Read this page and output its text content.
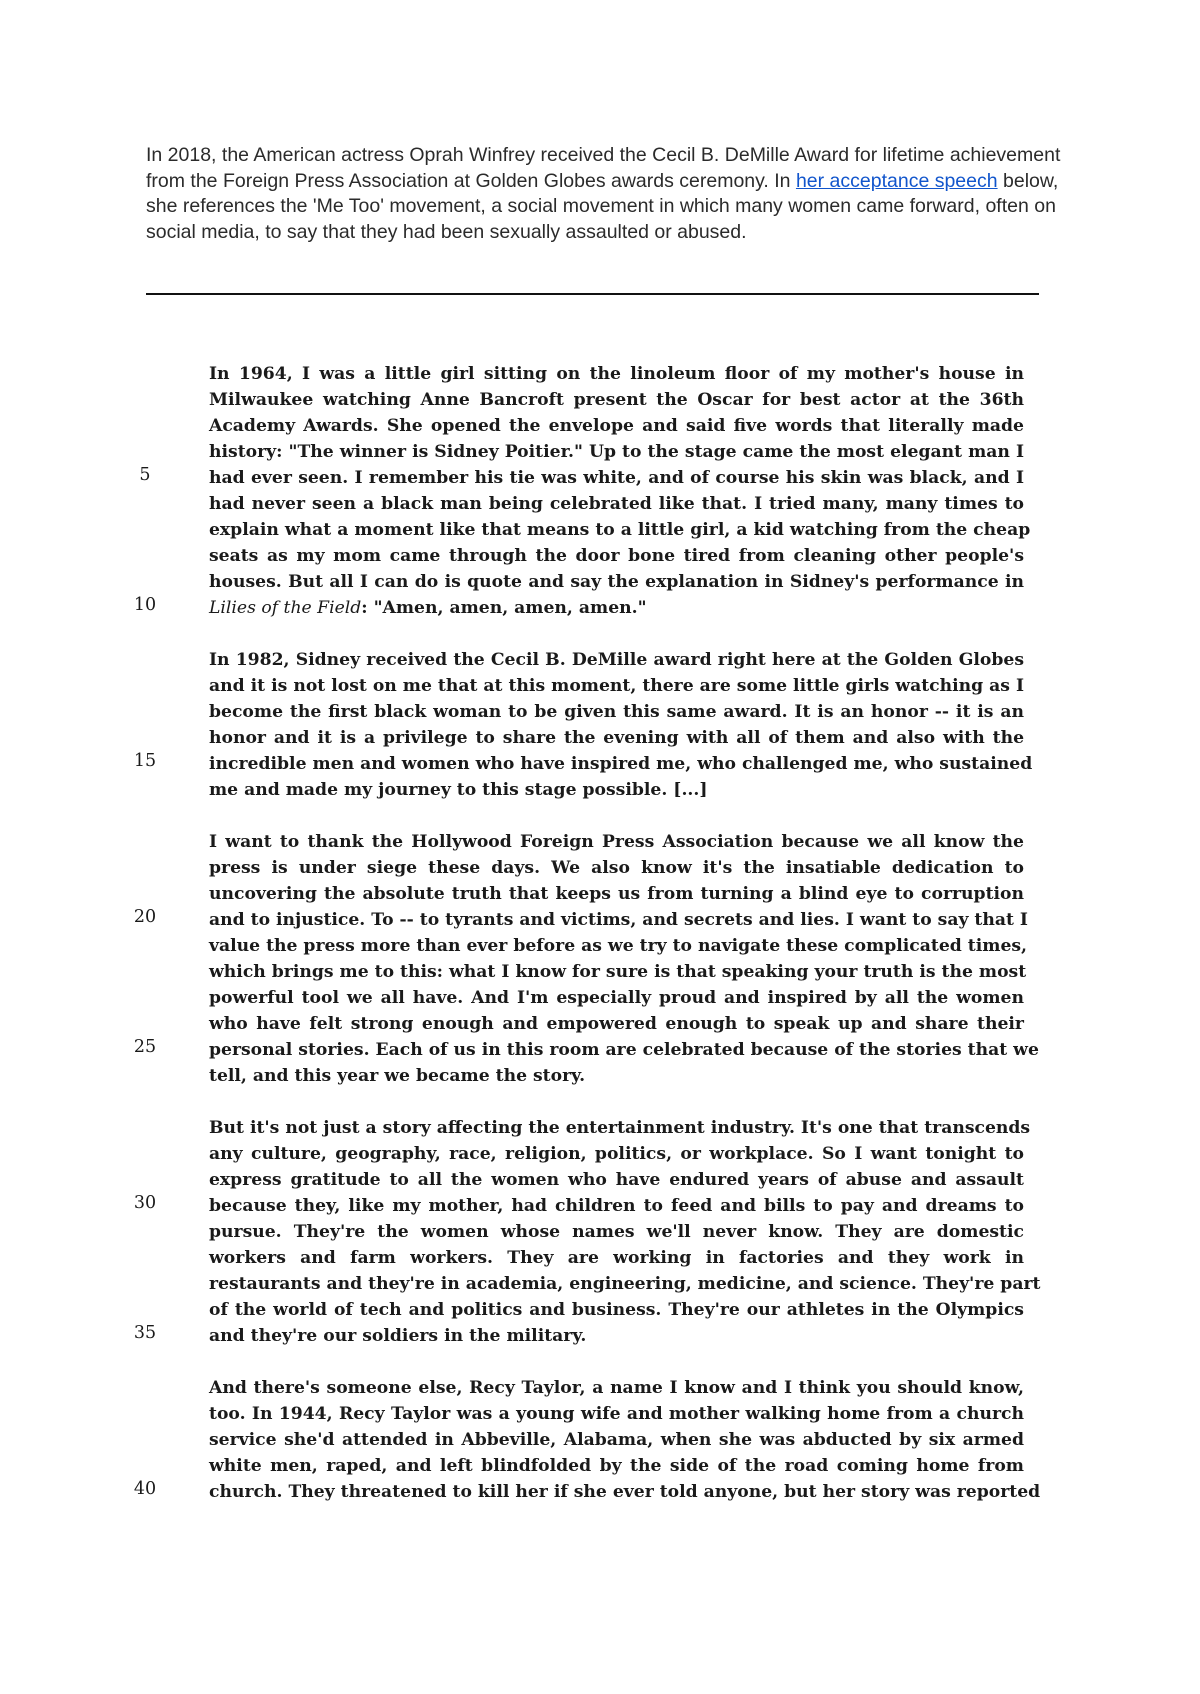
In 2018, the American actress Oprah Winfrey received the Cecil B. DeMille Award for lifetime achievement from the Foreign Press Association at Golden Globes awards ceremony. In her acceptance speech below, she references the 'Me Too' movement, a social movement in which many women came forward, often on social media, to say that they had been sexually assaulted or abused.

In 1964, I was a little girl sitting on the linoleum floor of my mother's house in
Milwaukee watching Anne Bancroft present the Oscar for best actor at the 36th
Academy Awards. She opened the envelope and said five words that literally made
history: "The winner is Sidney Poitier." Up to the stage came the most elegant man I
had ever seen. I remember his tie was white, and of course his skin was black, and I
had never seen a black man being celebrated like that. I tried many, many times to
explain what a moment like that means to a little girl, a kid watching from the cheap
seats as my mom came through the door bone tired from cleaning other people's
houses. But all I can do is quote and say the explanation in Sidney's performance in
Lilies of the Field: "Amen, amen, amen, amen."

In 1982, Sidney received the Cecil B. DeMille award right here at the Golden Globes
and it is not lost on me that at this moment, there are some little girls watching as I
become the first black woman to be given this same award. It is an honor -- it is an
honor and it is a privilege to share the evening with all of them and also with the
incredible men and women who have inspired me, who challenged me, who sustained
me and made my journey to this stage possible. [...]

I want to thank the Hollywood Foreign Press Association because we all know the
press is under siege these days. We also know it's the insatiable dedication to
uncovering the absolute truth that keeps us from turning a blind eye to corruption
and to injustice. To -- to tyrants and victims, and secrets and lies. I want to say that I
value the press more than ever before as we try to navigate these complicated times,
which brings me to this: what I know for sure is that speaking your truth is the most
powerful tool we all have. And I'm especially proud and inspired by all the women
who have felt strong enough and empowered enough to speak up and share their
personal stories. Each of us in this room are celebrated because of the stories that we
tell, and this year we became the story.

But it's not just a story affecting the entertainment industry. It's one that transcends
any culture, geography, race, religion, politics, or workplace. So I want tonight to
express gratitude to all the women who have endured years of abuse and assault
because they, like my mother, had children to feed and bills to pay and dreams to
pursue. They're the women whose names we'll never know. They are domestic
workers and farm workers. They are working in factories and they work in
restaurants and they're in academia, engineering, medicine, and science. They're part
of the world of tech and politics and business. They're our athletes in the Olympics
and they're our soldiers in the military.

And there's someone else, Recy Taylor, a name I know and I think you should know,
too. In 1944, Recy Taylor was a young wife and mother walking home from a church
service she'd attended in Abbeville, Alabama, when she was abducted by six armed
white men, raped, and left blindfolded by the side of the road coming home from
church. They threatened to kill her if she ever told anyone, but her story was reported

5
10
15
20
25
30
35
40
